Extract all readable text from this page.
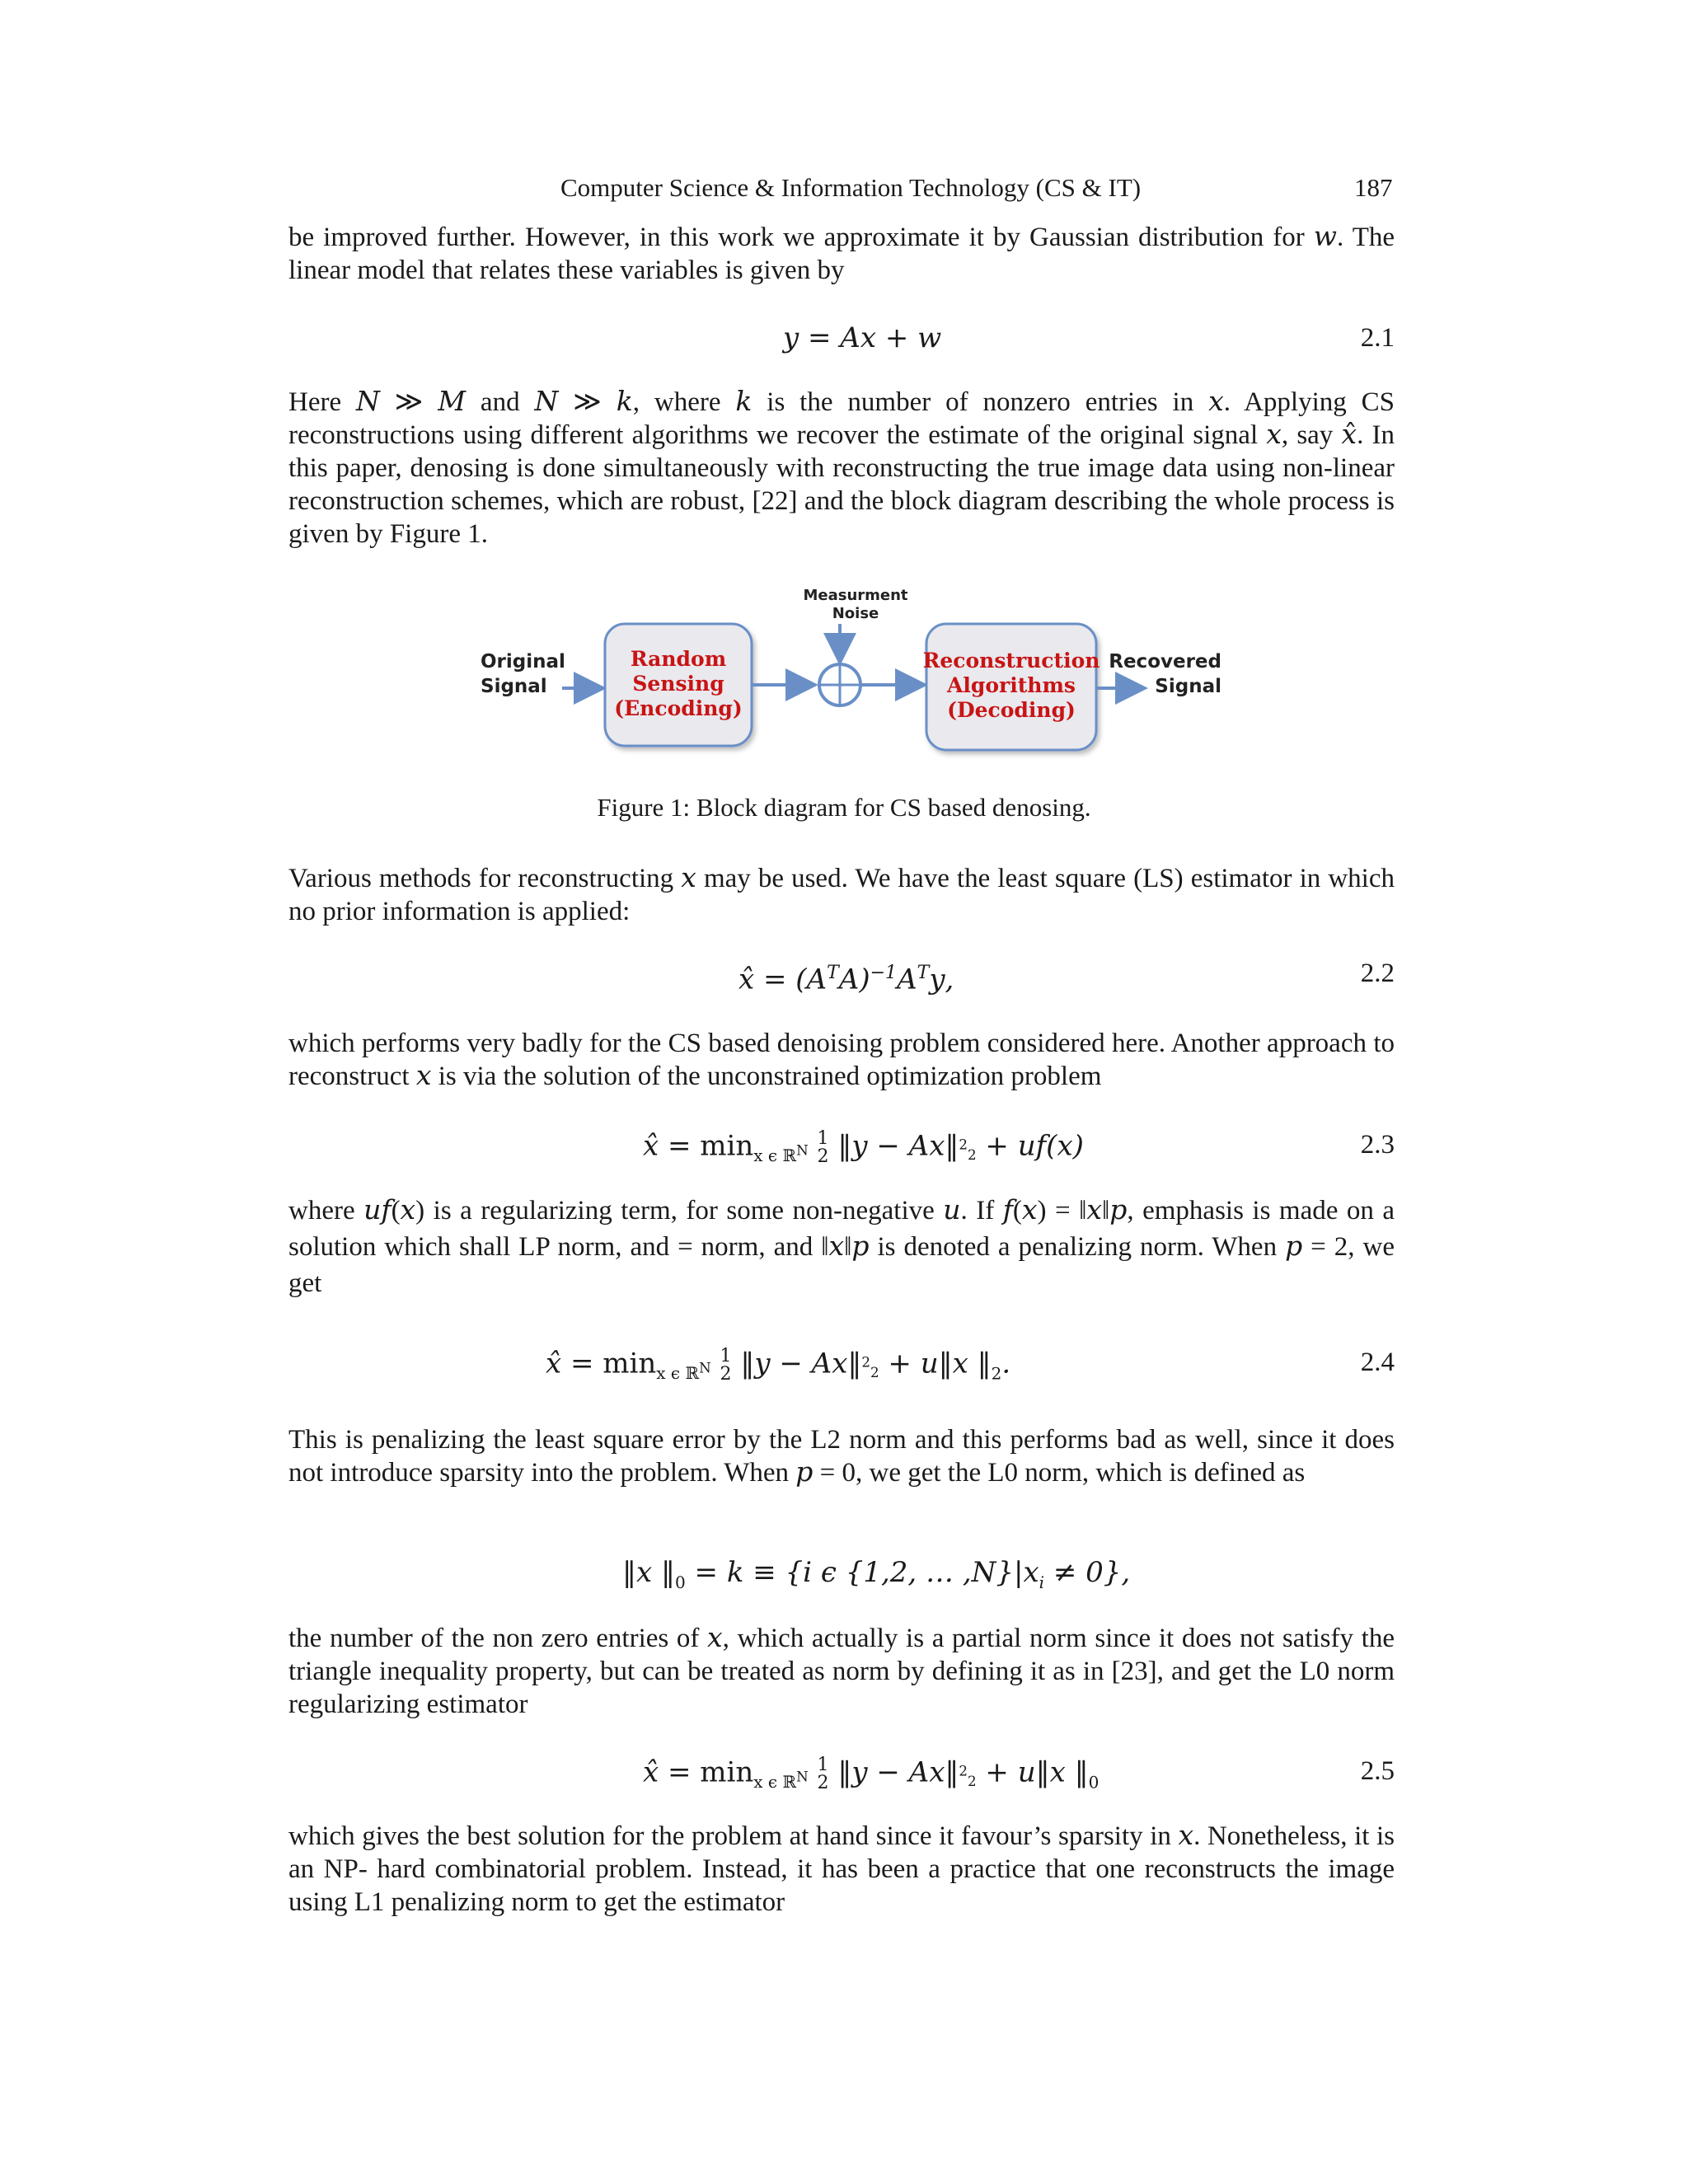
Computer Science & Information Technology (CS & IT)	187
be improved further. However, in this work we approximate it by Gaussian distribution for 𝑤. The linear model that relates these variables is given by
𝑦 = 𝐴𝑥 + 𝑤	2.1
Here 𝑁 ≫ 𝑀 and 𝑁 ≫ 𝑘, where 𝑘 is the number of nonzero entries in 𝑥. Applying CS reconstructions using different algorithms we recover the estimate of the original signal 𝑥, say 𝑥̂. In this paper, denosing is done simultaneously with reconstructing the true image data using non-linear reconstruction schemes, which are robust, [22] and the block diagram describing the whole process is given by Figure 1.
Original
Signal
Random
Sensing
(Encoding)
Measurment
Noise
Reconstruction
Algorithms
(Decoding)
Recovered
Signal
Figure 1: Block diagram for CS based denosing.
Various methods for reconstructing 𝑥 may be used. We have the least square (LS) estimator in which no prior information is applied:
𝑥̂ = (𝐴$^𝑇$𝐴)$^{-1}$𝐴$^𝑇$𝑦,	2.2
which performs very badly for the CS based denoising problem considered here. Another approach to reconstruct 𝑥 is via the solution of the unconstrained optimization problem
𝑥̂ = $\min_{x \epsilon ℝ^N} 1$
2 ‖𝑦 − 𝐴𝑥‖$^2_2$ + 𝑢𝑓(𝑥)	2.3
where 𝑢𝑓(𝑥) is a regularizing term, for some non-negative 𝑢. If 𝑓(𝑥) = ‖𝑥‖𝑝, emphasis is made on a solution which shall LP norm, and = norm, and ‖𝑥‖𝑝 is denoted a penalizing norm. When 𝑝 = 2, we get
𝑥̂ = $\min_{x \epsilon ℝ^N} 1$
2 ‖𝑦 − 𝐴𝑥‖$^2_2$ + 𝑢‖𝑥 $‖_2$.	2.4
This is penalizing the least square error by the L2 norm and this performs bad as well, since it does not introduce sparsity into the problem. When 𝑝 = 0, we get the L0 norm, which is defined as
‖𝑥 $‖_0$ = 𝑘 ≡ {𝑖 ϵ {1,2, … ,𝑁}|𝑥$_𝑖$ ≠ 0},
the number of the non zero entries of 𝑥, which actually is a partial norm since it does not satisfy the triangle inequality property, but can be treated as norm by defining it as in [23], and get the L0 norm regularizing estimator
𝑥̂ = $\min_{x \epsilon ℝ^N} 1$
2 ‖𝑦 − 𝐴𝑥‖$^2_2$ + 𝑢‖𝑥 $‖_0$	2.5
which gives the best solution for the problem at hand since it favour’s sparsity in 𝑥. Nonetheless, it is an NP- hard combinatorial problem. Instead, it has been a practice that one reconstructs the image using L1 penalizing norm to get the estimator
